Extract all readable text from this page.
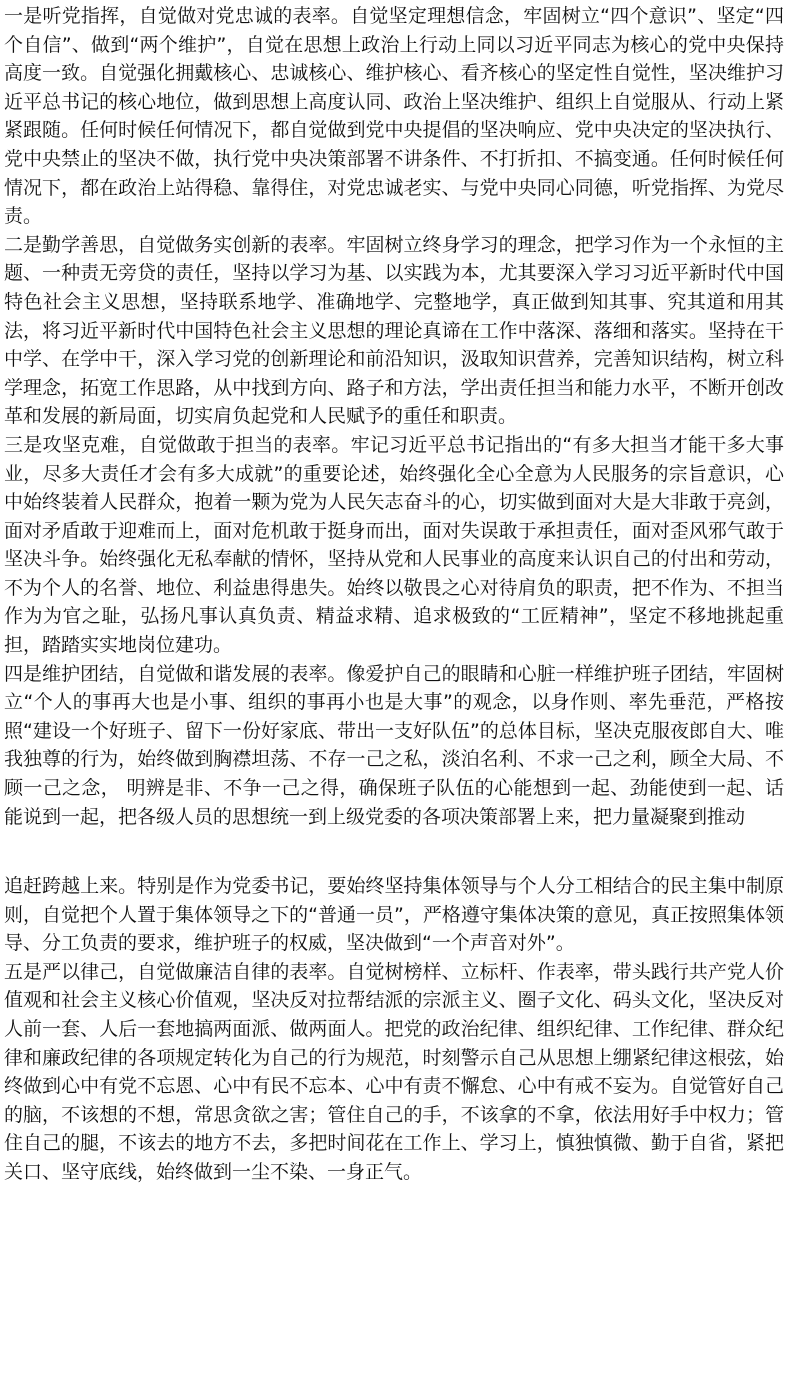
一是听党指挥，自觉做对党忠诚的表率。自觉坚定理想信念，牢固树立“四个意识”、坚定“四个自信”、做到“两个维护”，自觉在思想上政治上行动上同以习近平同志为核心的党中央保持高度一致。自觉强化拥戴核心、忠诚核心、维护核心、看齐核心的坚定性自觉性，坚决维护习近平总书记的核心地位，做到思想上高度认同、政治上坚决维护、组织上自觉服从、行动上紧紧跟随。任何时候任何情况下，都自觉做到党中央提倡的坚决响应、党中央决定的坚决执行、党中央禁止的坚决不做，执行党中央决策部署不讲条件、不打折扣、不搞变通。任何时候任何情况下，都在政治上站得稳、靠得住，对党忠诚老实、与党中央同心同德，听党指挥、为党尽责。

二是勤学善思，自觉做务实创新的表率。牢固树立终身学习的理念，把学习作为一个永恒的主题、一种责无旁贷的责任，坚持以学习为基、以实践为本，尤其要深入学习习近平新时代中国特色社会主义思想，坚持联系地学、准确地学、完整地学，真正做到知其事、究其道和用其法，将习近平新时代中国特色社会主义思想的理论真谛在工作中落深、落细和落实。坚持在干中学、在学中干，深入学习党的创新理论和前沿知识，汲取知识营养，完善知识结构，树立科学理念，拓宽工作思路，从中找到方向、路子和方法，学出责任担当和能力水平，不断开创改革和发展的新局面，切实肩负起党和人民赋予的重任和职责。

三是攻坚克难，自觉做敢于担当的表率。牢记习近平总书记指出的“有多大担当才能干多大事业，尽多大责任才会有多大成就”的重要论述，始终强化全心全意为人民服务的宗旨意识，心中始终装着人民群众，抱着一颗为党为人民矢志奋斗的心，切实做到面对大是大非敢于亮剑，面对矛盾敢于迎难而上，面对危机敢于挺身而出，面对失误敢于承担责任，面对歪风邪气敢于坚决斗争。始终强化无私奉献的情怀，坚持从党和人民事业的高度来认识自己的付出和劳动，不为个人的名誉、地位、利益患得患失。始终以敬畏之心对待肩负的职责，把不作为、不担当作为为官之耻，弘扬凡事认真负责、精益求精、追求极致的“工匠精神”，坚定不移地挑起重担，踏踏实实地岗位建功。

四是维护团结，自觉做和谐发展的表率。像爱护自己的眼睛和心脏一样维护班子团结，牢固树立“个人的事再大也是小事、组织的事再小也是大事”的观念，以身作则、率先垂范，严格按照“建设一个好班子、留下一份好家底、带出一支好队伍”的总体目标，坚决克服夜郎自大、唯我独尊的行为，始终做到胸襟坦荡、不存一己之私，淡泊名利、不求一己之利，顾全大局、不顾一己之念， 明辨是非、不争一己之得，确保班子队伍的心能想到一起、劲能使到一起、话能说到一起，把各级人员的思想统一到上级党委的各项决策部署上来，把力量凝聚到推动

追赶跨越上来。特别是作为党委书记，要始终坚持集体领导与个人分工相结合的民主集中制原则，自觉把个人置于集体领导之下的“普通一员”，严格遵守集体决策的意见，真正按照集体领导、分工负责的要求，维护班子的权威，坚决做到“一个声音对外”。

五是严以律己，自觉做廉洁自律的表率。自觉树榜样、立标杆、作表率，带头践行共产党人价值观和社会主义核心价值观，坚决反对拉帮结派的宗派主义、圈子文化、码头文化，坚决反对人前一套、人后一套地搞两面派、做两面人。把党的政治纪律、组织纪律、工作纪律、群众纪律和廉政纪律的各项规定转化为自己的行为规范，时刻警示自己从思想上绷紧纪律这根弦，始终做到心中有党不忘恩、心中有民不忘本、心中有责不懈怠、心中有戒不妄为。自觉管好自己的脑，不该想的不想，常思贪欲之害；管住自己的手，不该拿的不拿，依法用好手中权力；管住自己的腿，不该去的地方不去，多把时间花在工作上、学习上，慎独慎微、勤于自省，紧把关口、坚守底线，始终做到一尘不染、一身正气。
